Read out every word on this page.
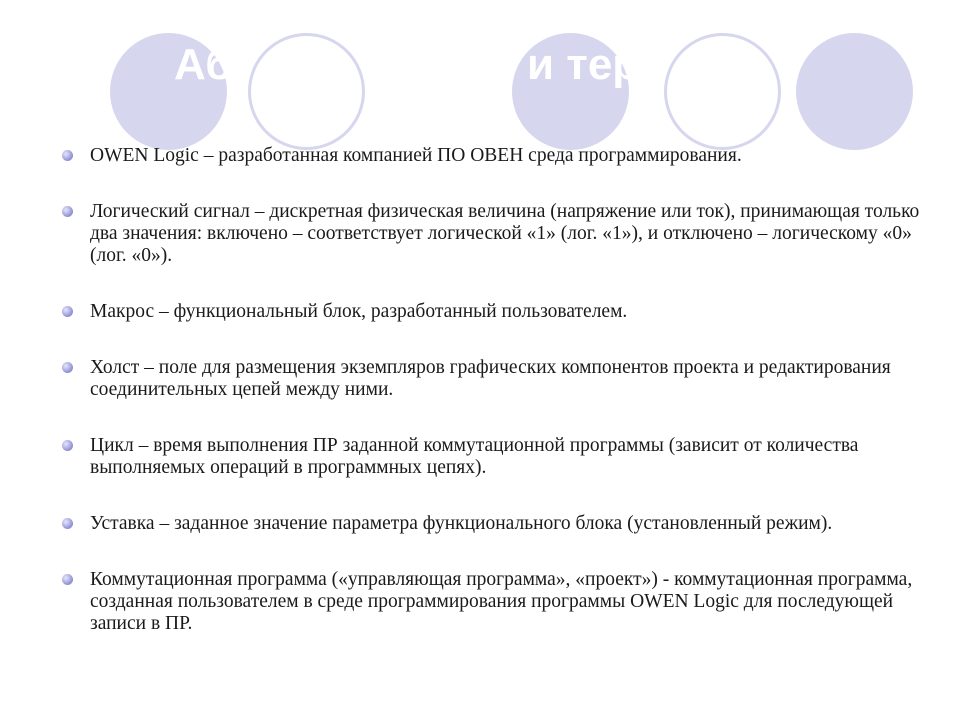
Аб	и тер
OWEN Logic – разработанная компанией ПО ОВЕН среда программирования.
Логический сигнал – дискретная физическая величина (напряжение или ток), принимающая только два значения: включено – соответствует логической «1» (лог. «1»), и отключено – логическому «0» (лог. «0»).
Макрос – функциональный блок, разработанный пользователем.
Холст – поле для размещения экземпляров графических компонентов проекта и редактирования соединительных цепей между ними.
Цикл – время выполнения ПР заданной коммутационной программы (зависит от количества выполняемых операций в программных цепях).
Уставка – заданное значение параметра функционального блока (установленный режим).
Коммутационная программа («управляющая программа», «проект») - коммутационная программа, созданная пользователем в среде программирования программы OWEN Logic для последующей записи в ПР.
